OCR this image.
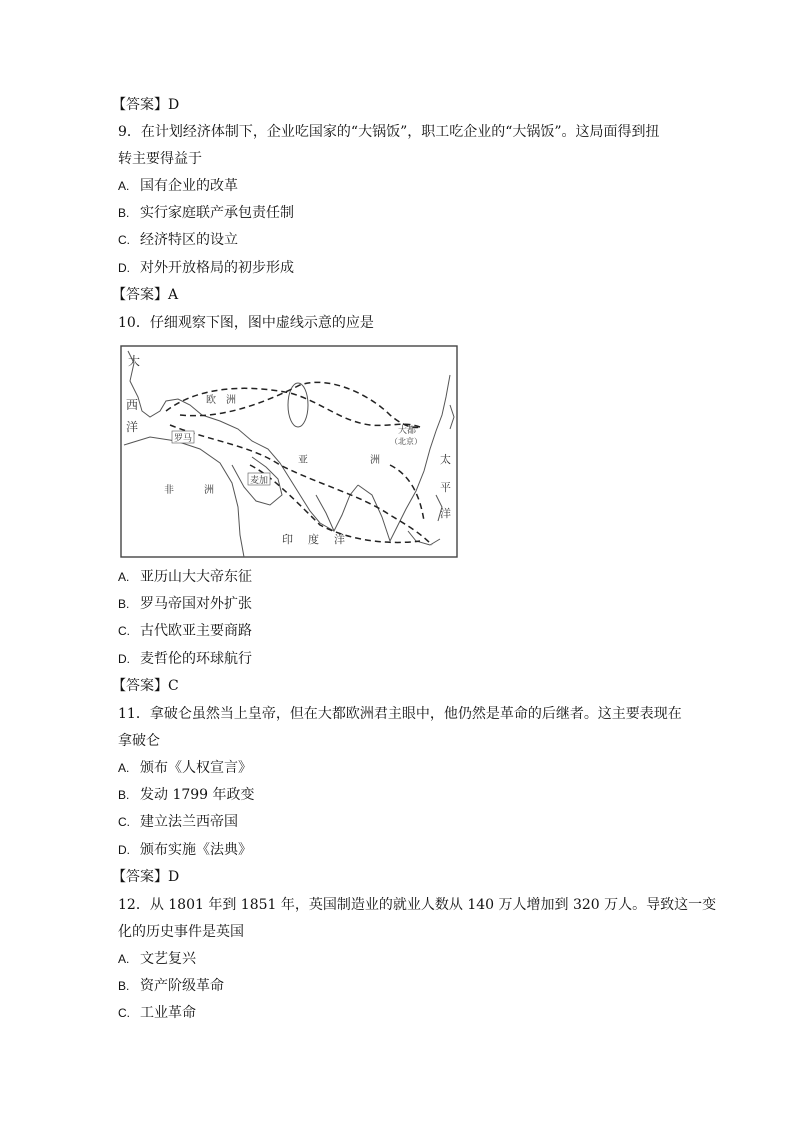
【答案】D
9．在计划经济体制下，企业吃国家的“大锅饭”，职工吃企业的“大锅饭”。这局面得到扭
转主要得益于
A. 国有企业的改革
B. 实行家庭联产承包责任制
C. 经济特区的设立
D. 对外开放格局的初步形成
【答案】A
10．仔细观察下图，图中虚线示意的应是
大
西
洋
欧 洲
罗马
亚	洲
大都
（北京）
麦加
非	洲
印 度 洋
太
平
洋
A. 亚历山大大帝东征
B. 罗马帝国对外扩张
C. 古代欧亚主要商路
D. 麦哲伦的环球航行
【答案】C
11．拿破仑虽然当上皇帝，但在大都欧洲君主眼中，他仍然是革命的后继者。这主要表现在
拿破仑
A. 颁布《人权宣言》
B. 发动 1799 年政变
C. 建立法兰西帝国
D. 颁布实施《法典》
【答案】D
12．从 1801 年到 1851 年，英国制造业的就业人数从 140 万人增加到 320 万人。导致这一变
化的历史事件是英国
A. 文艺复兴
B. 资产阶级革命
C. 工业革命
